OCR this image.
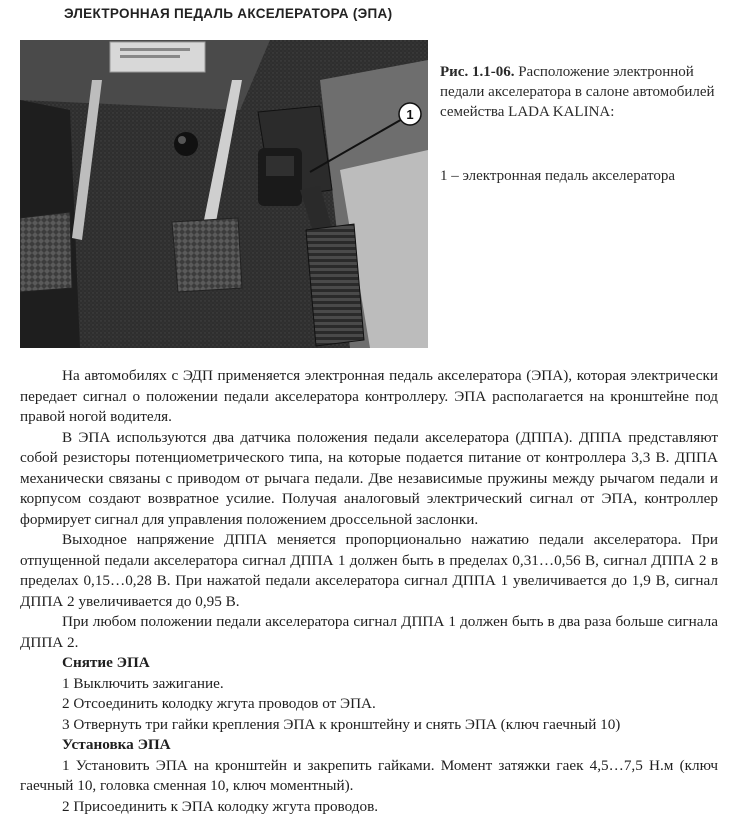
ЭЛЕКТРОННАЯ ПЕДАЛЬ АКСЕЛЕРАТОРА (ЭПА)
1
Рис. 1.1-06. Расположение электронной педали акселератора в салоне автомобилей семейства LADA KALINA:
1 – электронная педаль акселератора

На автомобилях с ЭДП применяется электронная педаль акселератора (ЭПА), которая электрически передает сигнал о положении педали акселератора контроллеру. ЭПА располагается на кронштейне под правой ногой водителя.

В ЭПА используются два датчика положения педали акселератора (ДППА). ДППА представляют собой резисторы потенциометрического типа, на которые подается питание от контроллера 3,3 В. ДППА механически связаны с приводом от рычага педали. Две независимые пружины между рычагом педали и корпусом создают возвратное усилие. Получая аналоговый электрический сигнал от ЭПА, контроллер формирует сигнал для управления положением дроссельной заслонки.

Выходное напряжение ДППА меняется пропорционально нажатию педали акселератора. При отпущенной педали акселератора сигнал ДППА 1 должен быть в пределах 0,31…0,56 В, сигнал ДППА 2 в пределах 0,15…0,28 В. При нажатой педали акселератора сигнал ДППА 1 увеличивается до 1,9 В, сигнал ДППА 2 увеличивается до 0,95 В.

При любом положении педали акселератора сигнал ДППА 1 должен быть в два раза больше сигнала ДППА 2.

Снятие ЭПА
1 Выключить зажигание.
2 Отсоединить колодку жгута проводов от ЭПА.
3 Отвернуть три гайки крепления ЭПА к кронштейну и снять ЭПА (ключ гаечный 10)
Установка ЭПА
1 Установить ЭПА на кронштейн и закрепить гайками. Момент затяжки гаек 4,5…7,5 Н.м (ключ гаечный 10, головка сменная 10, ключ моментный).
2 Присоединить к ЭПА колодку жгута проводов.
